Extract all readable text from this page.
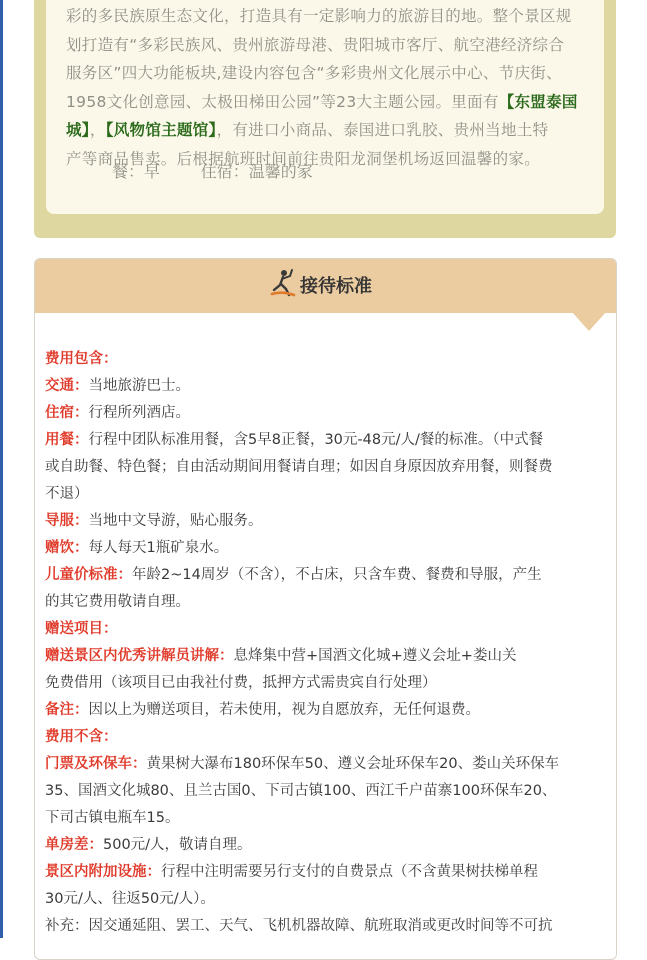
彩的多民族原生态文化，打造具有一定影响力的旅游目的地。整个景区规
划打造有“多彩民族风、贵州旅游母港、贵阳城市客厅、航空港经济综合
服务区”四大功能板块,建设内容包含“多彩贵州文化展示中心、节庆街、
1958文化创意园、太极田梯田公园”等23大主题公园。里面有【东盟泰国
城】，【风物馆主题馆】，有进口小商品、泰国进口乳胶、贵州当地土特
产等商品售卖。后根据航班时间前往贵阳龙洞堡机场返回温馨的家。
餐：早	住宿：温馨的家
接待标准
费用包含：
交通：当地旅游巴士。
住宿：行程所列酒店。
用餐：行程中团队标准用餐，含5早8正餐，30元-48元/人/餐的标准。（中式餐
或自助餐、特色餐；自由活动期间用餐请自理；如因自身原因放弃用餐，则餐费
不退）
导服：当地中文导游，贴心服务。
赠饮：每人每天1瓶矿泉水。
儿童价标准：年龄2~14周岁（不含），不占床，只含车费、餐费和导服，产生
的其它费用敬请自理。
赠送项目：
赠送景区内优秀讲解员讲解：息烽集中营+国酒文化城+遵义会址+娄山关
免费借用（该项目已由我社付费，抵押方式需贵宾自行处理）
备注：因以上为赠送项目，若未使用，视为自愿放弃，无任何退费。
费用不含：
门票及环保车：黄果树大瀑布180环保车50、遵义会址环保车20、娄山关环保车
35、国酒文化城80、且兰古国0、下司古镇100、西江千户苗寨100环保车20、
下司古镇电瓶车15。
单房差：500元/人，敬请自理。
景区内附加设施：行程中注明需要另行支付的自费景点（不含黄果树扶梯单程
30元/人、往返50元/人）。
补充：因交通延阻、罢工、天气、飞机机器故障、航班取消或更改时间等不可抗
